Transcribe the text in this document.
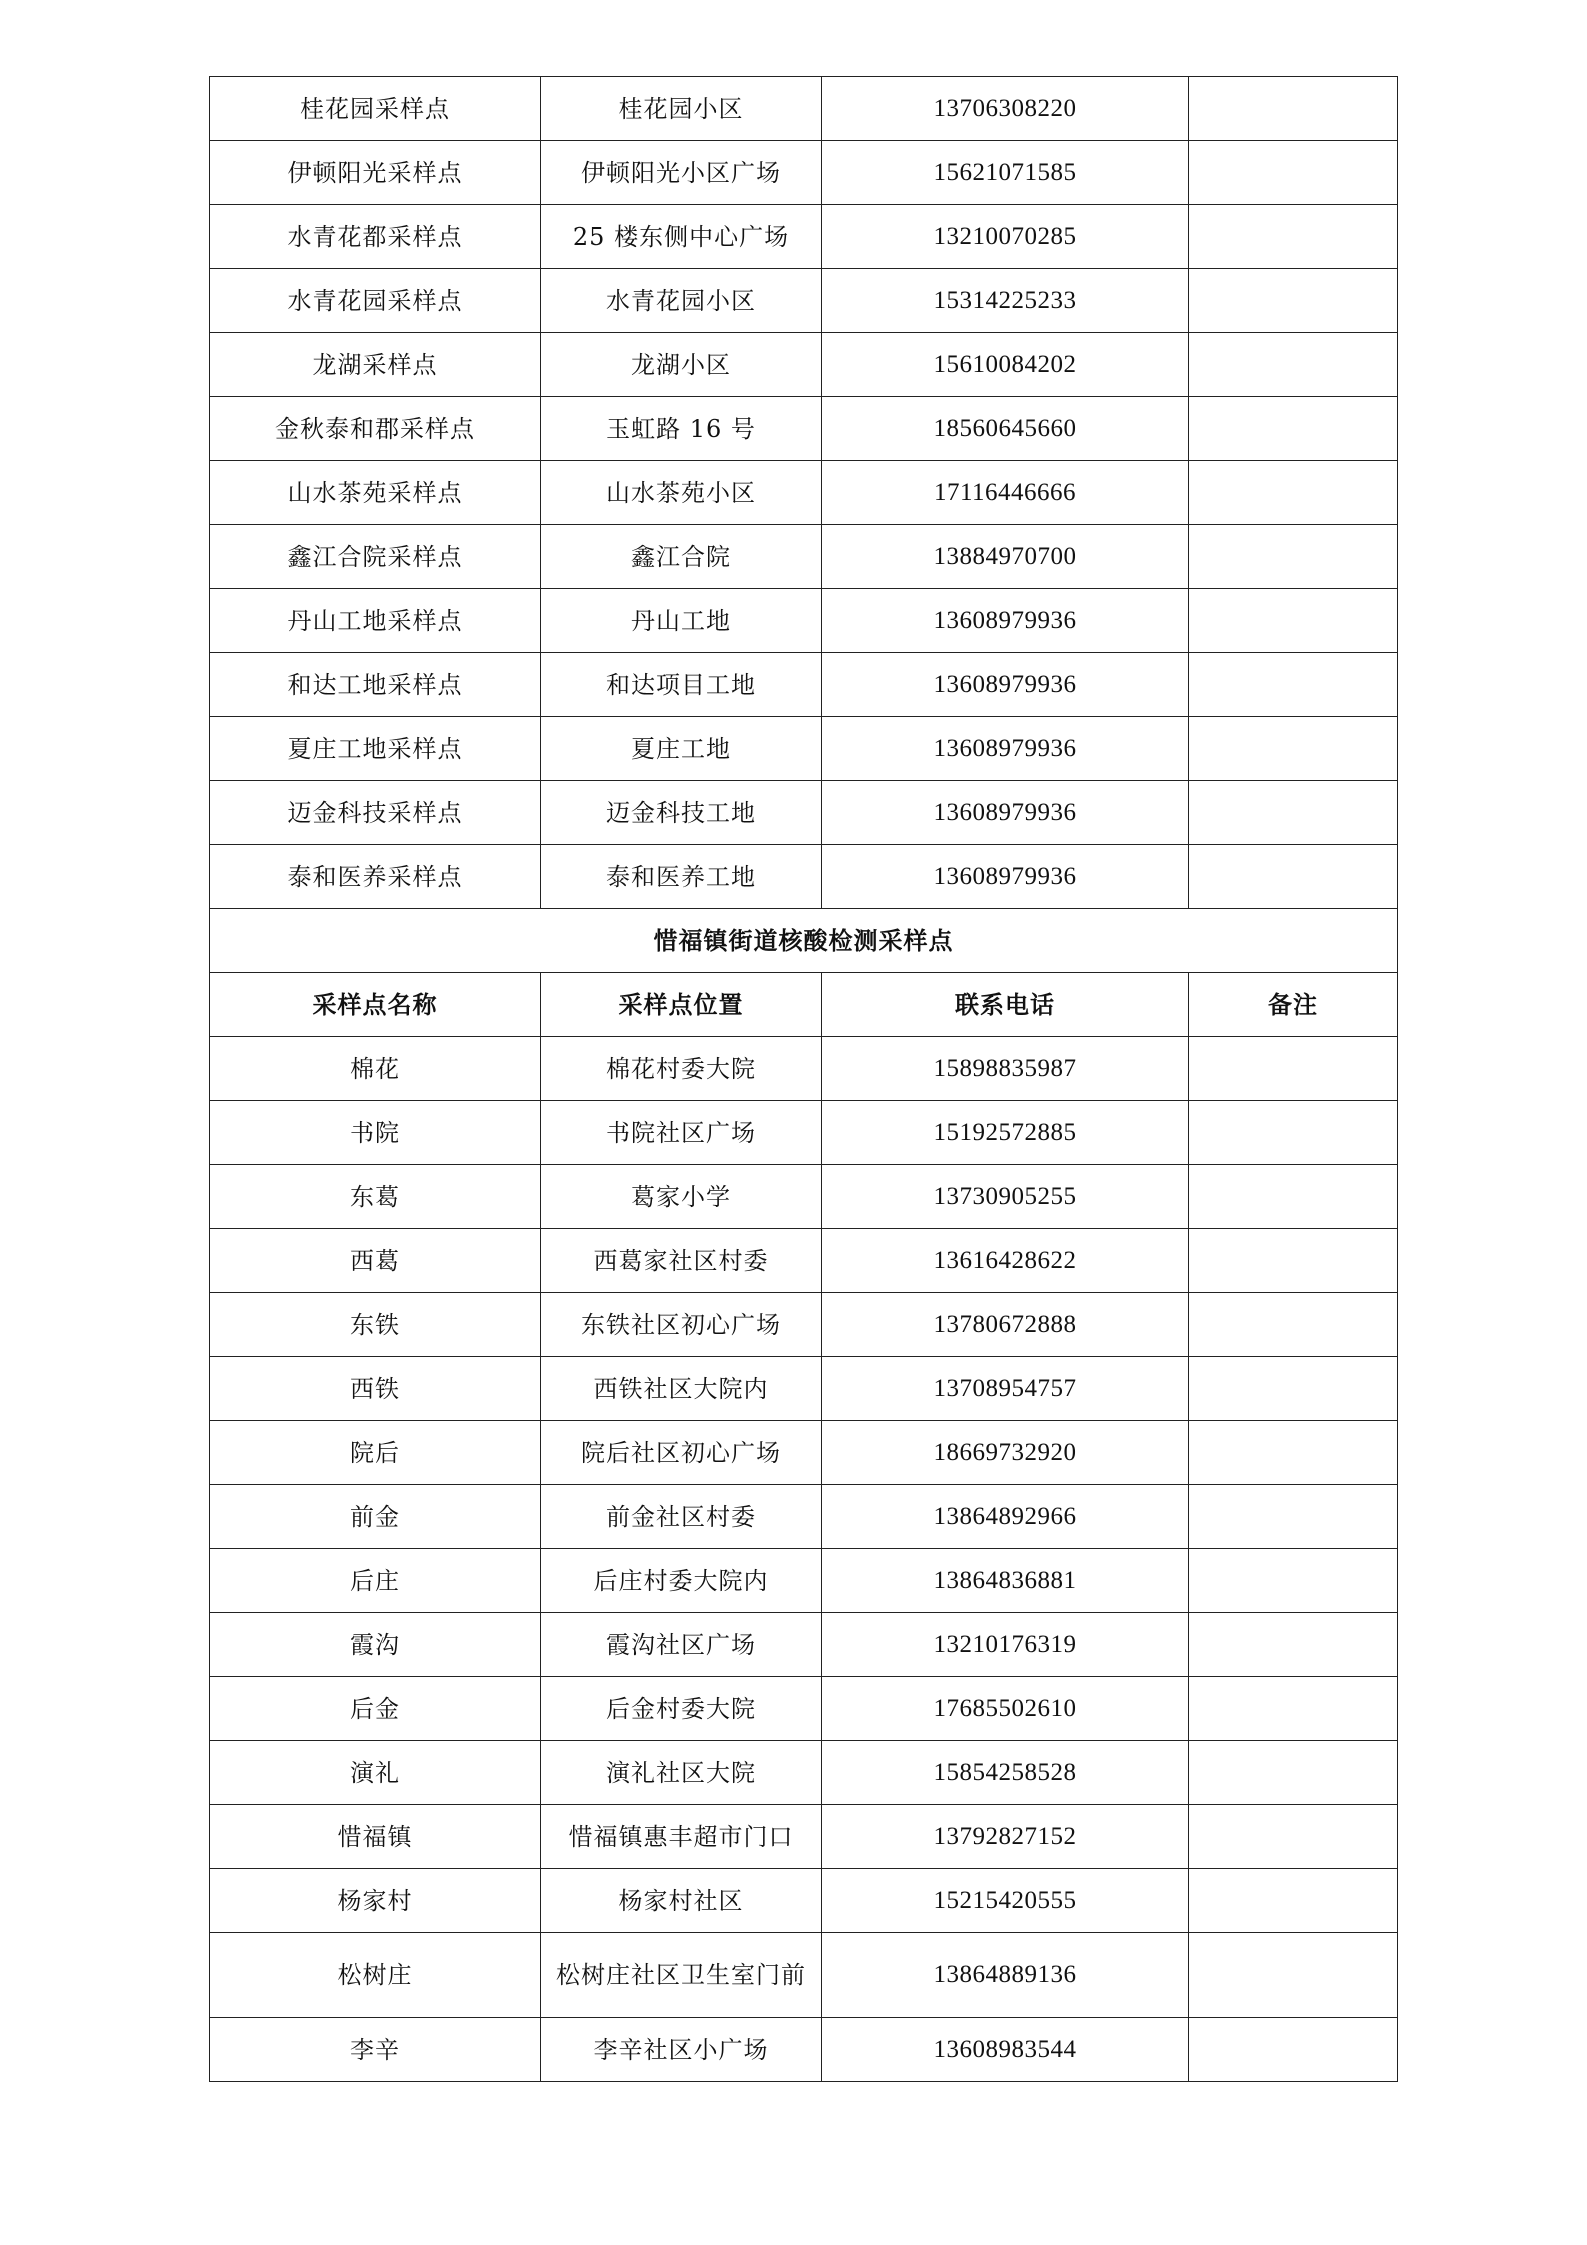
桂花园采样点	桂花园小区	13706308220	
伊顿阳光采样点	伊顿阳光小区广场	15621071585	
水青花都采样点	25 楼东侧中心广场	13210070285	
水青花园采样点	水青花园小区	15314225233	
龙湖采样点	龙湖小区	15610084202	
金秋泰和郡采样点	玉虹路 16 号	18560645660	
山水茶苑采样点	山水茶苑小区	17116446666	
鑫江合院采样点	鑫江合院	13884970700	
丹山工地采样点	丹山工地	13608979936	
和达工地采样点	和达项目工地	13608979936	
夏庄工地采样点	夏庄工地	13608979936	
迈金科技采样点	迈金科技工地	13608979936	
泰和医养采样点	泰和医养工地	13608979936	
惜福镇街道核酸检测采样点			
采样点名称	采样点位置	联系电话	备注
棉花	棉花村委大院	15898835987	
书院	书院社区广场	15192572885	
东葛	葛家小学	13730905255	
西葛	西葛家社区村委	13616428622	
东铁	东铁社区初心广场	13780672888	
西铁	西铁社区大院内	13708954757	
院后	院后社区初心广场	18669732920	
前金	前金社区村委	13864892966	
后庄	后庄村委大院内	13864836881	
霞沟	霞沟社区广场	13210176319	
后金	后金村委大院	17685502610	
演礼	演礼社区大院	15854258528	
惜福镇	惜福镇惠丰超市门口	13792827152	
杨家村	杨家村社区	15215420555	
松树庄	松树庄社区卫生室门前	13864889136	
李辛	李辛社区小广场	13608983544	
